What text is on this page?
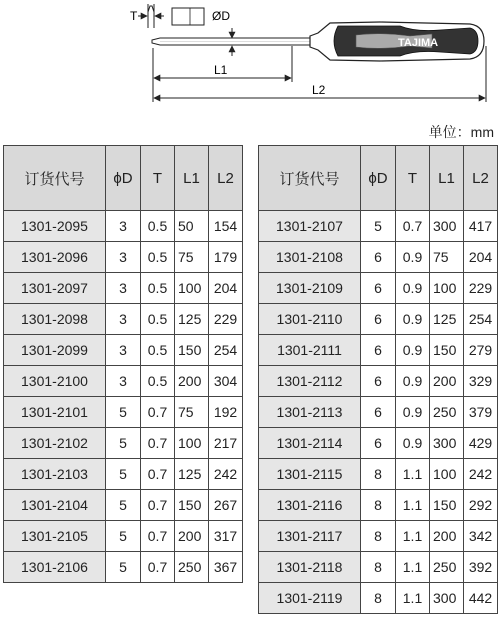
T	ØD
TAJIMA
L1
L2
单位：mm
订货代号	ϕD	T	L1	L2
1301-2095	3	0.5	50	154
1301-2096	3	0.5	75	179
1301-2097	3	0.5	100	204
1301-2098	3	0.5	125	229
1301-2099	3	0.5	150	254
1301-2100	3	0.5	200	304
1301-2101	5	0.7	75	192
1301-2102	5	0.7	100	217
1301-2103	5	0.7	125	242
1301-2104	5	0.7	150	267
1301-2105	5	0.7	200	317
1301-2106	5	0.7	250	367
订货代号	ϕD	T	L1	L2
1301-2107	5	0.7	300	417
1301-2108	6	0.9	75	204
1301-2109	6	0.9	100	229
1301-2110	6	0.9	125	254
1301-2111	6	0.9	150	279
1301-2112	6	0.9	200	329
1301-2113	6	0.9	250	379
1301-2114	6	0.9	300	429
1301-2115	8	1.1	100	242
1301-2116	8	1.1	150	292
1301-2117	8	1.1	200	342
1301-2118	8	1.1	250	392
1301-2119	8	1.1	300	442
